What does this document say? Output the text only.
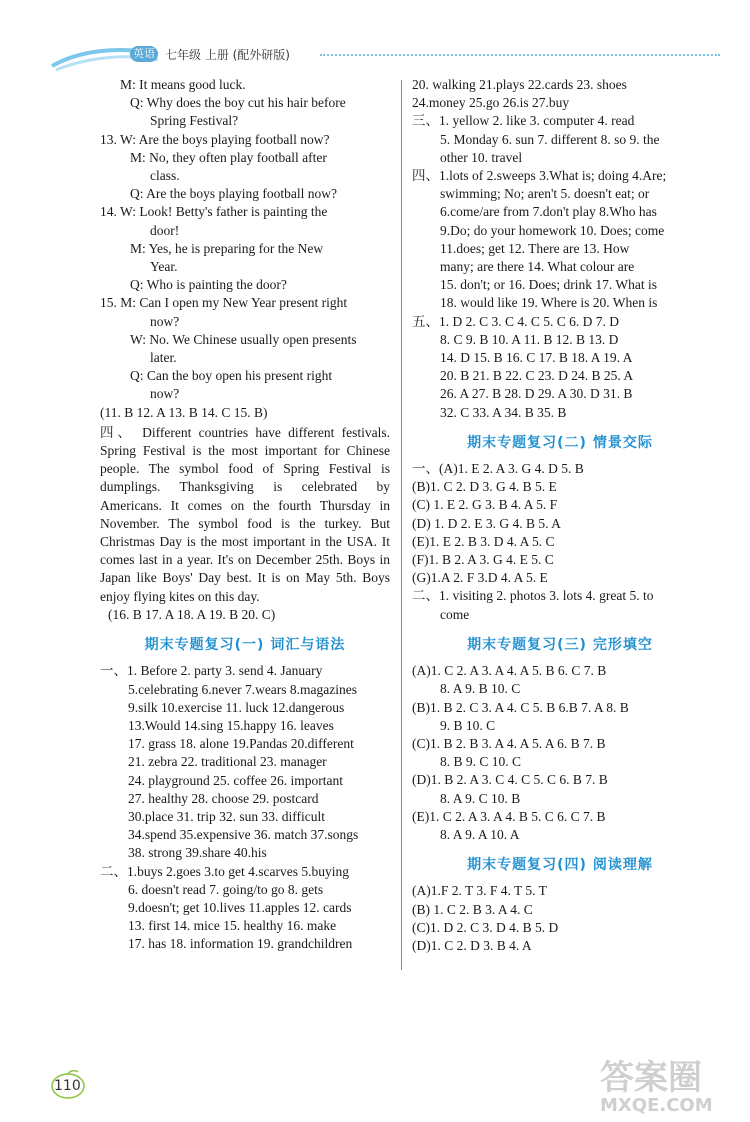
英语 七年级 上册 (配外研版)
M: It means good luck.
Q: Why does the boy cut his hair before
Spring Festival?
13. W: Are the boys playing football now?
M: No, they often play football after
class.
Q: Are the boys playing football now?
14. W: Look! Betty's father is painting the
door!
M: Yes, he is preparing for the New
Year.
Q: Who is painting the door?
15. M: Can I open my New Year present right
now?
W: No. We Chinese usually open presents
later.
Q: Can the boy open his present right
now?
(11. B 12. A 13. B 14. C 15. B)
四、 Different countries have different festivals. Spring Festival is the most important for Chinese people. The symbol food of Spring Festival is dumplings. Thanksgiving is celebrated by Americans. It comes on the fourth Thursday in November. The symbol food is the turkey. But Christmas Day is the most important in the USA. It comes last in a year. It's on December 25th. Boys in Japan like Boys' Day best. It is on May 5th. Boys enjoy flying kites on this day.
(16. B 17. A 18. A 19. B 20. C)
期末专题复习(一) 词汇与语法
一、1. Before 2. party 3. send 4. January
5.celebrating 6.never 7.wears 8.magazines
9.silk 10.exercise 11. luck 12.dangerous
13.Would 14.sing 15.happy 16. leaves
17. grass 18. alone 19.Pandas 20.different
21. zebra 22. traditional 23. manager
24. playground 25. coffee 26. important
27. healthy 28. choose 29. postcard
30.place 31. trip 32. sun 33. difficult
34.spend 35.expensive 36. match 37.songs
38. strong 39.share 40.his
二、1.buys 2.goes 3.to get 4.scarves 5.buying
6. doesn't read 7. going/to go 8. gets
9.doesn't; get 10.lives 11.apples 12. cards
13. first 14. mice 15. healthy 16. make
17. has 18. information 19. grandchildren
20. walking 21.plays 22.cards 23. shoes
24.money 25.go 26.is 27.buy
三、1. yellow 2. like 3. computer 4. read
5. Monday 6. sun 7. different 8. so 9. the
other 10. travel
四、1.lots of 2.sweeps 3.What is; doing 4.Are;
swimming; No; aren't 5. doesn't eat; or
6.come/are from 7.don't play 8.Who has
9.Do; do your homework 10. Does; come
11.does; get 12. There are 13. How
many; are there 14. What colour are
15. don't; or 16. Does; drink 17. What is
18. would like 19. Where is 20. When is
五、1. D 2. C 3. C 4. C 5. C 6. D 7. D
8. C 9. B 10. A 11. B 12. B 13. D
14. D 15. B 16. C 17. B 18. A 19. A
20. B 21. B 22. C 23. D 24. B 25. A
26. A 27. B 28. D 29. A 30. D 31. B
32. C 33. A 34. B 35. B
期末专题复习(二) 情景交际
一、(A)1. E 2. A 3. G 4. D 5. B
(B)1. C 2. D 3. G 4. B 5. E
(C) 1. E 2. G 3. B 4. A 5. F
(D) 1. D 2. E 3. G 4. B 5. A
(E)1. E 2. B 3. D 4. A 5. C
(F)1. B 2. A 3. G 4. E 5. C
(G)1.A 2. F 3.D 4. A 5. E
二、1. visiting 2. photos 3. lots 4. great 5. to
come
期末专题复习(三) 完形填空
(A)1. C 2. A 3. A 4. A 5. B 6. C 7. B
8. A 9. B 10. C
(B)1. B 2. C 3. A 4. C 5. B 6.B 7. A 8. B
9. B 10. C
(C)1. B 2. B 3. A 4. A 5. A 6. B 7. B
8. B 9. C 10. C
(D)1. B 2. A 3. C 4. C 5. C 6. B 7. B
8. A 9. C 10. B
(E)1. C 2. A 3. A 4. B 5. C 6. C 7. B
8. A 9. A 10. A
期末专题复习(四) 阅读理解
(A)1.F 2. T 3. F 4. T 5. T
(B) 1. C 2. B 3. A 4. C
(C)1. D 2. C 3. D 4. B 5. D
(D)1. C 2. D 3. B 4. A
110	答案圈
MXQE.COM
